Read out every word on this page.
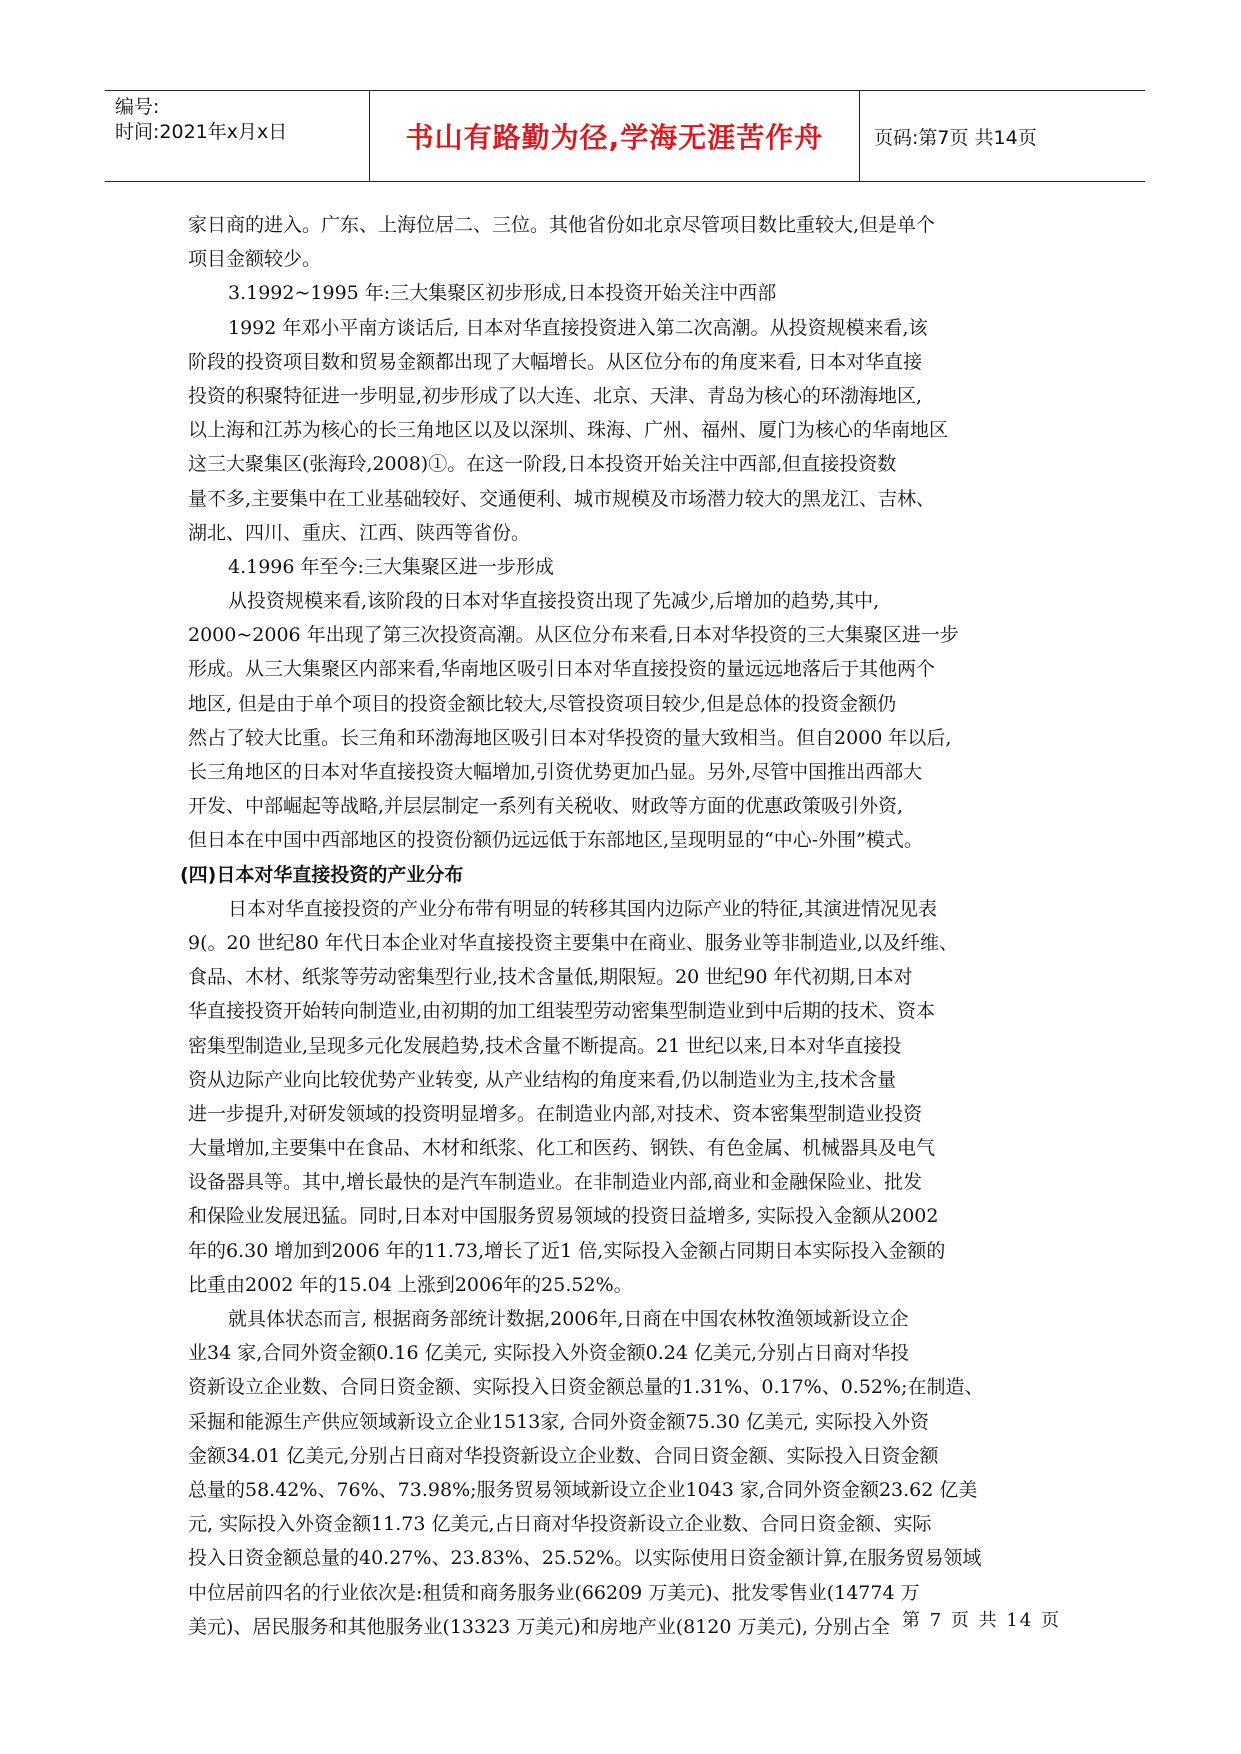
编号:
时间:2021年x月x日	书山有路勤为径,学海无涯苦作舟	页码:第7页 共14页
家日商的进入。广东、上海位居二、三位。其他省份如北京尽管项目数比重较大,但是单个
项目金额较少。
3.1992~1995 年:三大集聚区初步形成,日本投资开始关注中西部
1992 年邓小平南方谈话后, 日本对华直接投资进入第二次高潮。从投资规模来看,该
阶段的投资项目数和贸易金额都出现了大幅增长。从区位分布的角度来看, 日本对华直接
投资的积聚特征进一步明显,初步形成了以大连、北京、天津、青岛为核心的环渤海地区,
以上海和江苏为核心的长三角地区以及以深圳、珠海、广州、福州、厦门为核心的华南地区
这三大聚集区(张海玲,2008)①。在这一阶段,日本投资开始关注中西部,但直接投资数
量不多,主要集中在工业基础较好、交通便利、城市规模及市场潜力较大的黑龙江、吉林、
湖北、四川、重庆、江西、陕西等省份。
4.1996 年至今:三大集聚区进一步形成
从投资规模来看,该阶段的日本对华直接投资出现了先减少,后增加的趋势,其中,
2000~2006 年出现了第三次投资高潮。从区位分布来看,日本对华投资的三大集聚区进一步
形成。从三大集聚区内部来看,华南地区吸引日本对华直接投资的量远远地落后于其他两个
地区, 但是由于单个项目的投资金额比较大,尽管投资项目较少,但是总体的投资金额仍
然占了较大比重。长三角和环渤海地区吸引日本对华投资的量大致相当。但自2000 年以后,
长三角地区的日本对华直接投资大幅增加,引资优势更加凸显。另外,尽管中国推出西部大
开发、中部崛起等战略,并层层制定一系列有关税收、财政等方面的优惠政策吸引外资,
但日本在中国中西部地区的投资份额仍远远低于东部地区,呈现明显的“中心-外围”模式。
(四)日本对华直接投资的产业分布
日本对华直接投资的产业分布带有明显的转移其国内边际产业的特征,其演进情况见表
9(。20 世纪80 年代日本企业对华直接投资主要集中在商业、服务业等非制造业,以及纤维、
食品、木材、纸浆等劳动密集型行业,技术含量低,期限短。20 世纪90 年代初期,日本对
华直接投资开始转向制造业,由初期的加工组装型劳动密集型制造业到中后期的技术、资本
密集型制造业,呈现多元化发展趋势,技术含量不断提高。21 世纪以来,日本对华直接投
资从边际产业向比较优势产业转变, 从产业结构的角度来看,仍以制造业为主,技术含量
进一步提升,对研发领域的投资明显增多。在制造业内部,对技术、资本密集型制造业投资
大量增加,主要集中在食品、木材和纸浆、化工和医药、钢铁、有色金属、机械器具及电气
设备器具等。其中,增长最快的是汽车制造业。在非制造业内部,商业和金融保险业、批发
和保险业发展迅猛。同时,日本对中国服务贸易领域的投资日益增多, 实际投入金额从2002
年的6.30 增加到2006 年的11.73,增长了近1 倍,实际投入金额占同期日本实际投入金额的
比重由2002 年的15.04 上涨到2006年的25.52%。
就具体状态而言, 根据商务部统计数据,2006年,日商在中国农林牧渔领域新设立企
业34 家,合同外资金额0.16 亿美元, 实际投入外资金额0.24 亿美元,分别占日商对华投
资新设立企业数、合同日资金额、实际投入日资金额总量的1.31%、0.17%、0.52%;在制造、
采掘和能源生产供应领域新设立企业1513家, 合同外资金额75.30 亿美元, 实际投入外资
金额34.01 亿美元,分别占日商对华投资新设立企业数、合同日资金额、实际投入日资金额
总量的58.42%、76%、73.98%;服务贸易领域新设立企业1043 家,合同外资金额23.62 亿美
元, 实际投入外资金额11.73 亿美元,占日商对华投资新设立企业数、合同日资金额、实际
投入日资金额总量的40.27%、23.83%、25.52%。以实际使用日资金额计算,在服务贸易领域
中位居前四名的行业依次是:租赁和商务服务业(66209 万美元)、批发零售业(14774 万
美元)、居民服务和其他服务业(13323 万美元)和房地产业(8120 万美元), 分别占全 第 7 页 共 14 页
